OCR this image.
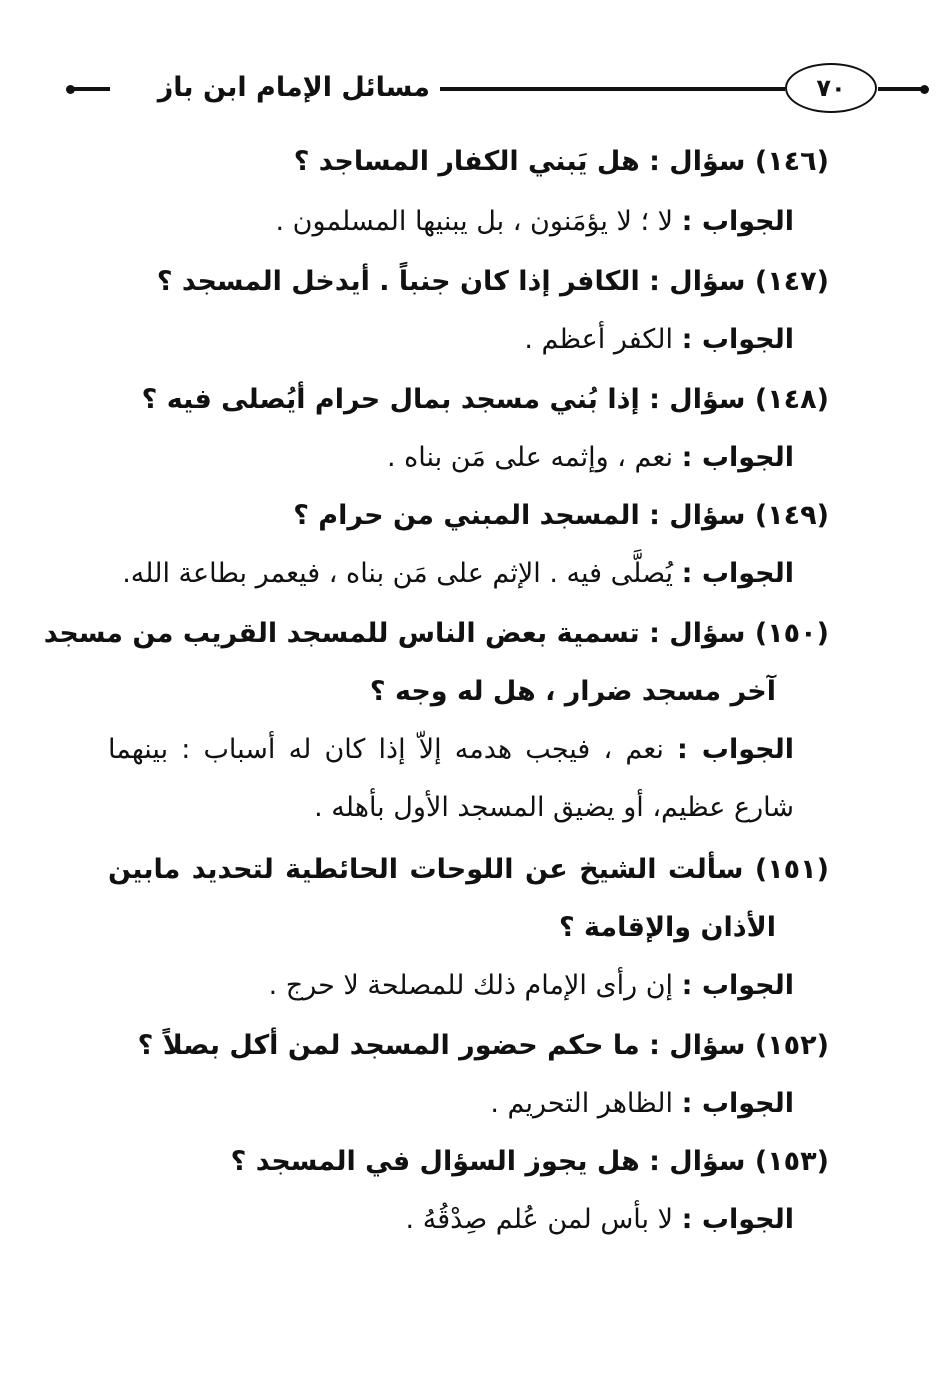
مسائل الإمام ابن باز	٧٠
(١٤٦) سؤال : هل يَبني الكفار المساجد ؟
الجواب : لا ؛ لا يؤمَنون ، بل يبنيها المسلمون .
(١٤٧) سؤال : الكافر إذا كان جنباً . أيدخل المسجد ؟
الجواب : الكفر أعظم .
(١٤٨) سؤال : إذا بُني مسجد بمال حرام أيُصلى فيه ؟
الجواب : نعم ، وإثمه على مَن بناه .
(١٤٩) سؤال : المسجد المبني من حرام ؟
الجواب : يُصلَّى فيه . الإثم على مَن بناه ، فيعمر بطاعة الله.
(١٥٠) سؤال : تسمية بعض الناس للمسجد القريب من مسجد
آخر مسجد ضرار ، هل له وجه ؟
الجواب : نعم ، فيجب هدمه إلاّ إذا كان له أسباب : بينهما
شارع عظيم، أو يضيق المسجد الأول بأهله .
(١٥١) سألت الشيخ عن اللوحات الحائطية لتحديد مابين
الأذان والإقامة ؟
الجواب : إن رأى الإمام ذلك للمصلحة لا حرج .
(١٥٢) سؤال : ما حكم حضور المسجد لمن أكل بصلاً ؟
الجواب : الظاهر التحريم .
(١٥٣) سؤال : هل يجوز السؤال في المسجد ؟
الجواب : لا بأس لمن عُلم صِدْقُهُ .
